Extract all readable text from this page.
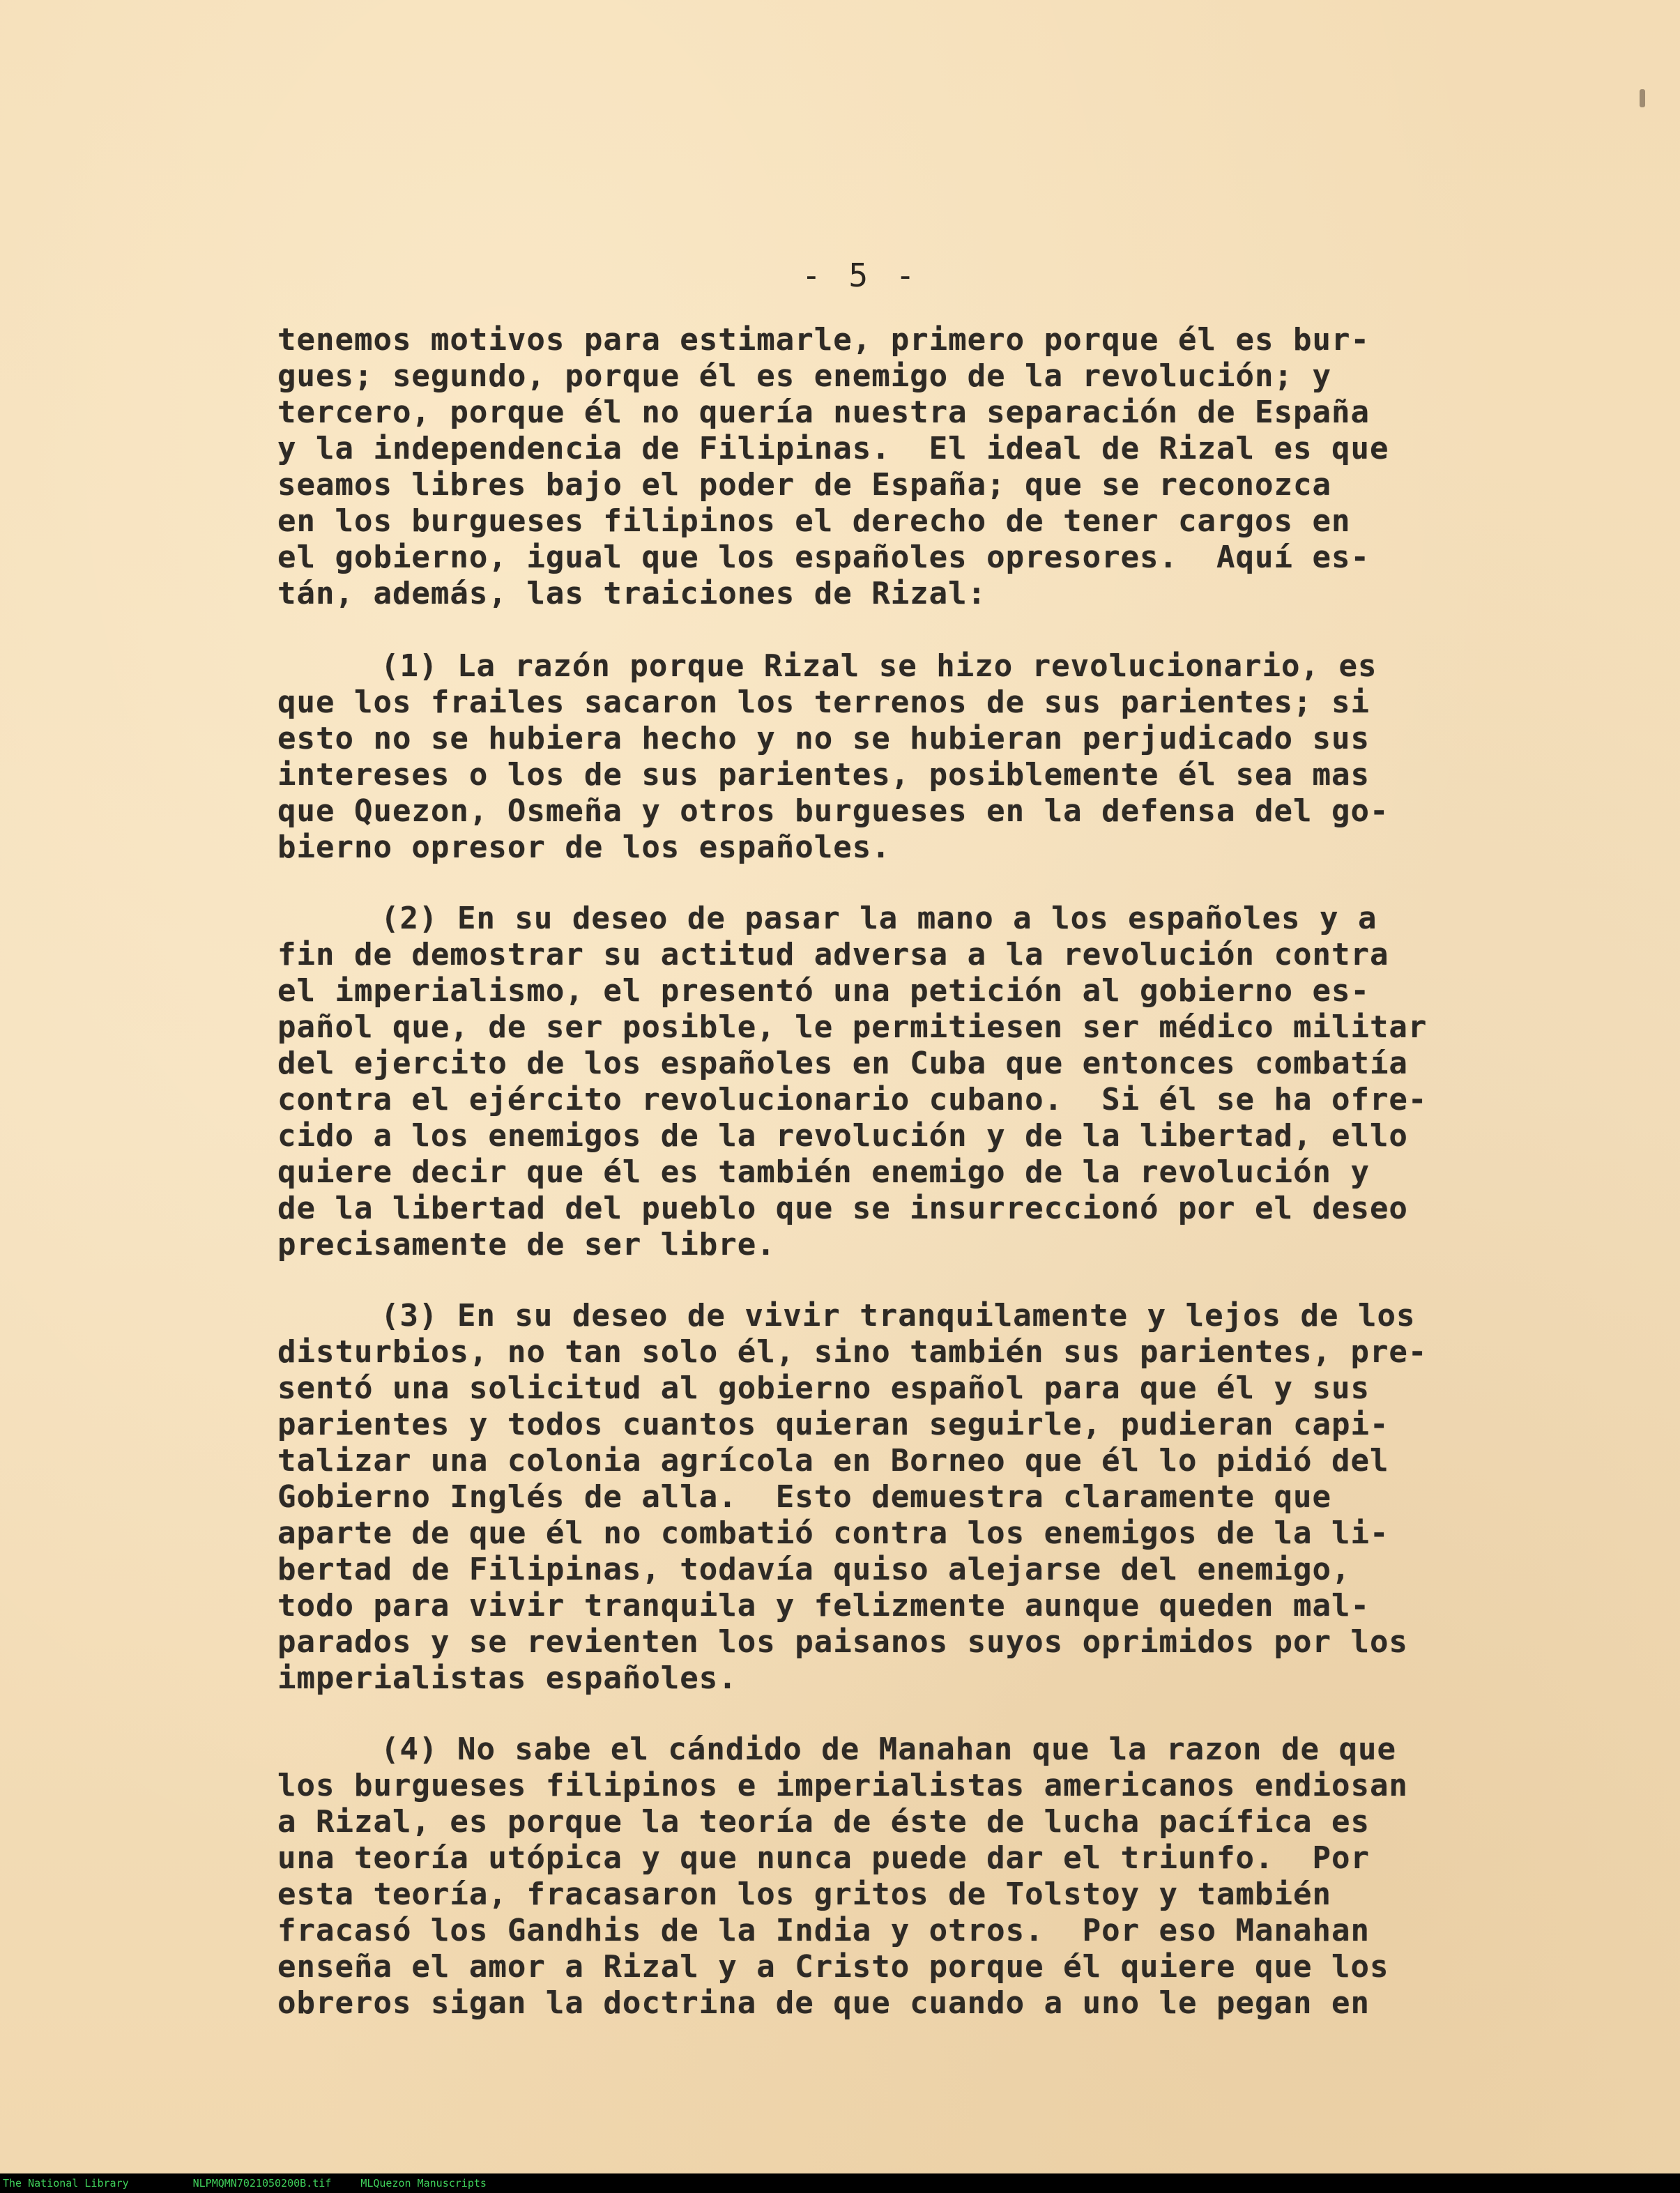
- 5 -
tenemos motivos para estimarle, primero porque él es bur-
gues; segundo, porque él es enemigo de la revolución; y
tercero, porque él no quería nuestra separación de España
y la independencia de Filipinas.  El ideal de Rizal es que
seamos libres bajo el poder de España; que se reconozca
en los burgueses filipinos el derecho de tener cargos en
el gobierno, igual que los españoles opresores.  Aquí es-
tán, además, las traiciones de Rizal:
(1) La razón porque Rizal se hizo revolucionario, es
que los frailes sacaron los terrenos de sus parientes; si
esto no se hubiera hecho y no se hubieran perjudicado sus
intereses o los de sus parientes, posiblemente él sea mas
que Quezon, Osmeña y otros burgueses en la defensa del go-
bierno opresor de los españoles.
(2) En su deseo de pasar la mano a los españoles y a
fin de demostrar su actitud adversa a la revolución contra
el imperialismo, el presentó una petición al gobierno es-
pañol que, de ser posible, le permitiesen ser médico militar
del ejercito de los españoles en Cuba que entonces combatía
contra el ejército revolucionario cubano.  Si él se ha ofre-
cido a los enemigos de la revolución y de la libertad, ello
quiere decir que él es también enemigo de la revolución y
de la libertad del pueblo que se insurreccionó por el deseo
precisamente de ser libre.
(3) En su deseo de vivir tranquilamente y lejos de los
disturbios, no tan solo él, sino también sus parientes, pre-
sentó una solicitud al gobierno español para que él y sus
parientes y todos cuantos quieran seguirle, pudieran capi-
talizar una colonia agrícola en Borneo que él lo pidió del
Gobierno Inglés de alla.  Esto demuestra claramente que
aparte de que él no combatió contra los enemigos de la li-
bertad de Filipinas, todavía quiso alejarse del enemigo,
todo para vivir tranquila y felizmente aunque queden mal-
parados y se revienten los paisanos suyos oprimidos por los
imperialistas españoles.
(4) No sabe el cándido de Manahan que la razon de que
los burgueses filipinos e imperialistas americanos endiosan
a Rizal, es porque la teoría de éste de lucha pacífica es
una teoría utópica y que nunca puede dar el triunfo.  Por
esta teoría, fracasaron los gritos de Tolstoy y también
fracasó los Gandhis de la India y otros.  Por eso Manahan
enseña el amor a Rizal y a Cristo porque él quiere que los
obreros sigan la doctrina de que cuando a uno le pegan en
The National Library	NLPMQMN7021050200B.tif	MLQuezon Manuscripts
